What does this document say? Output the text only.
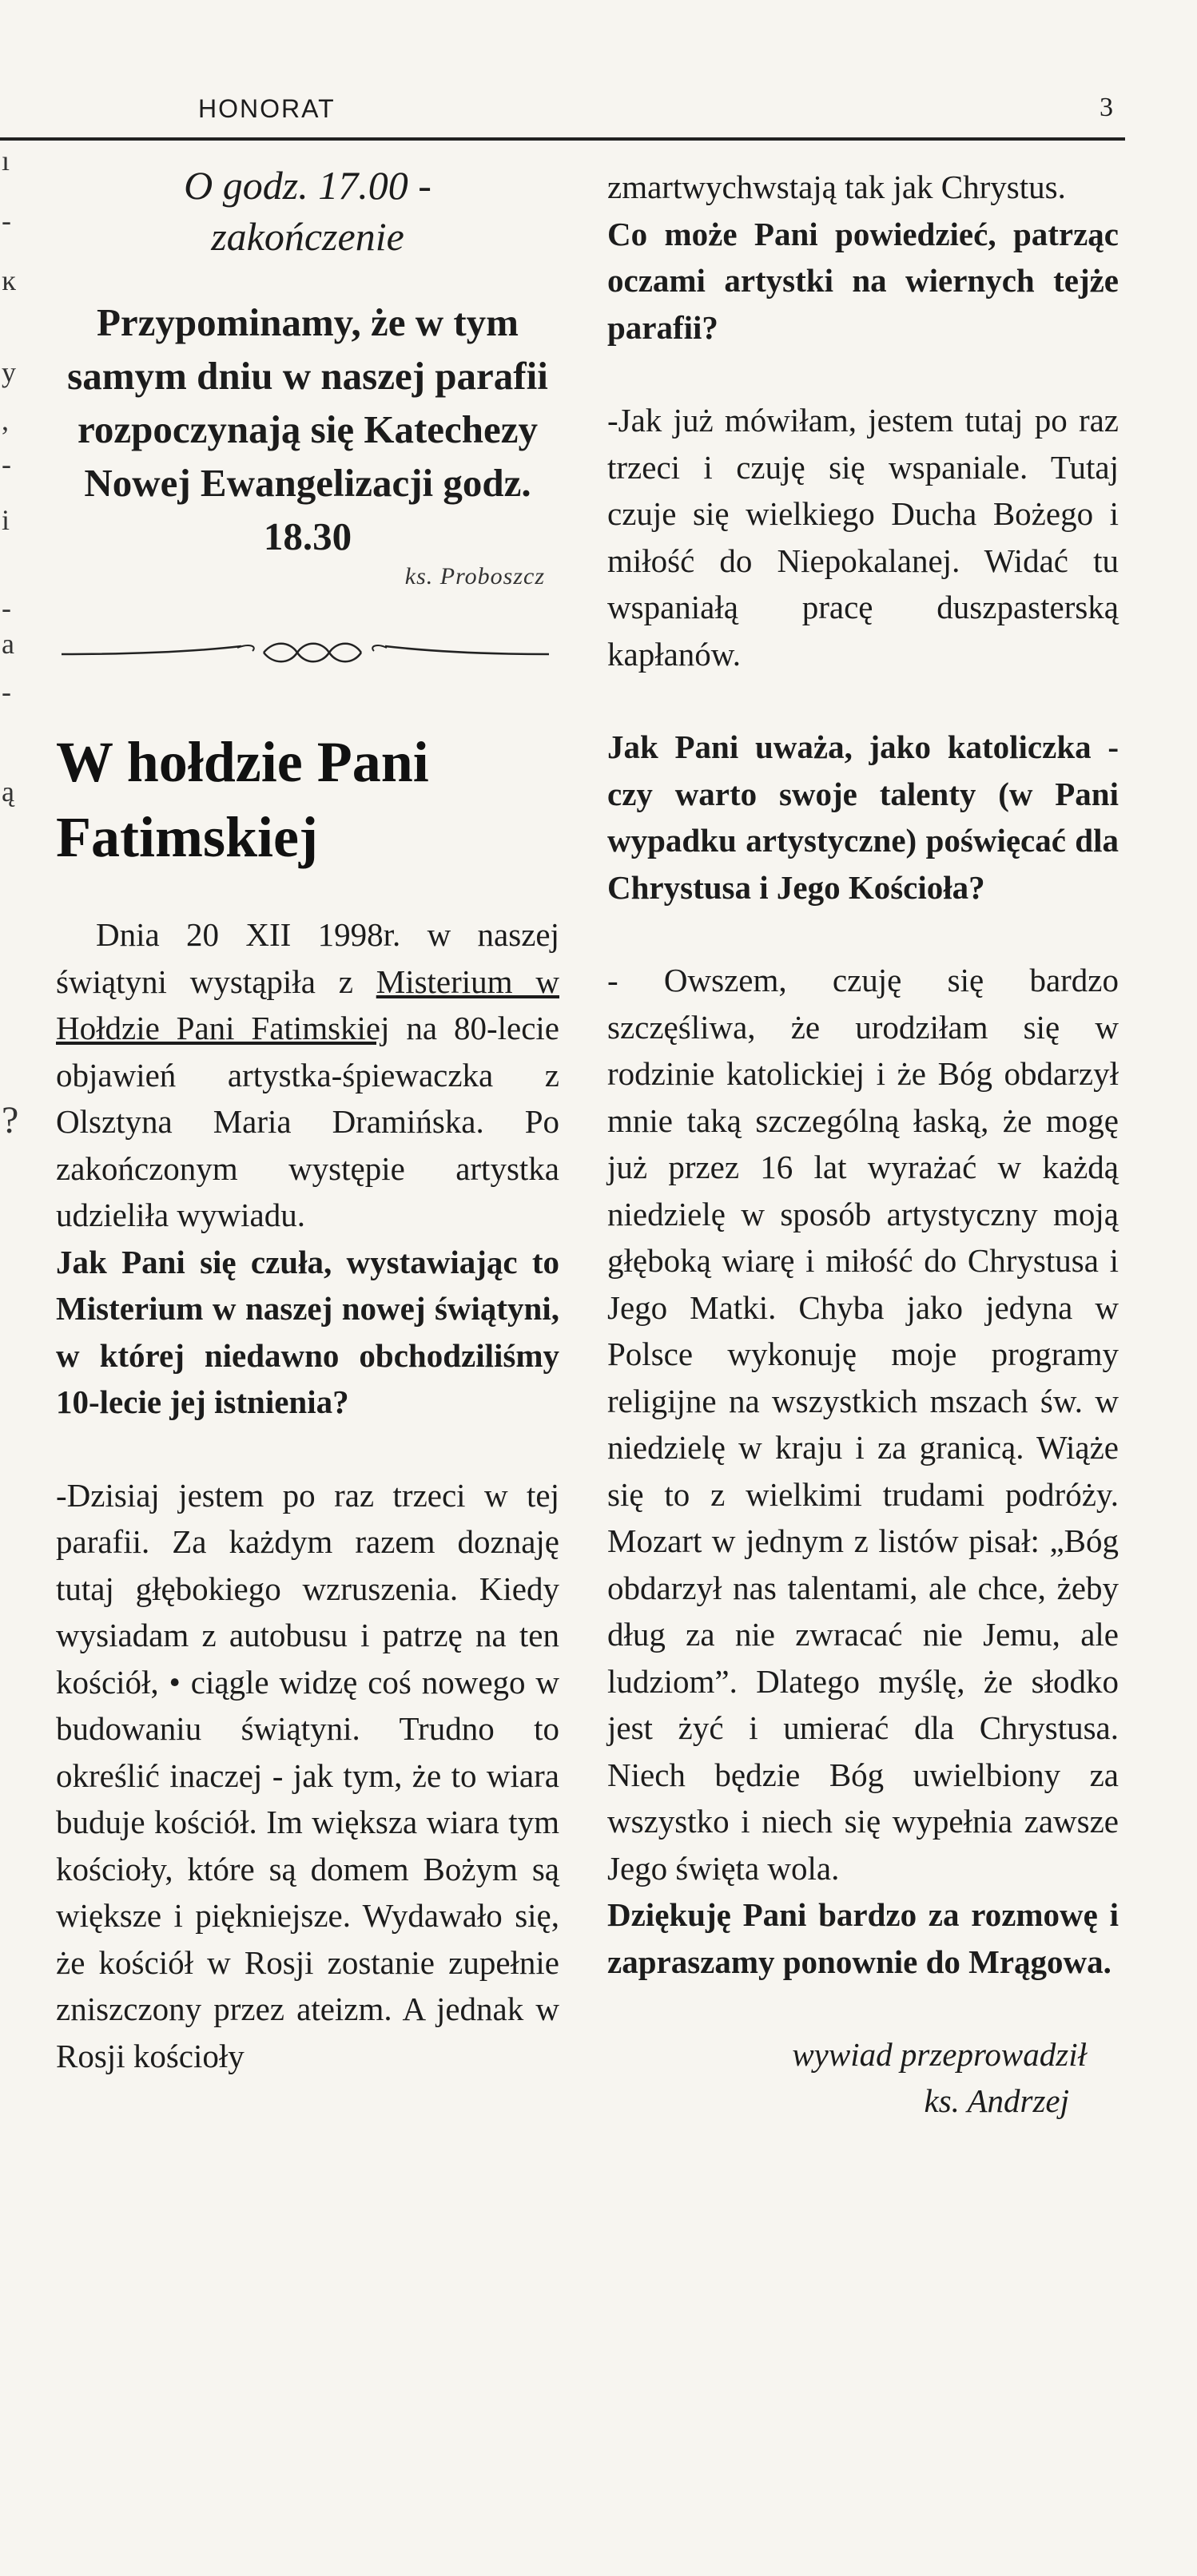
ı
-
ĸ
y
,
-
i
-
a
-
ą
?
HONORAT	3

O godz. 17.00 -
zakończenie

Przypominamy, że w tym samym dniu w naszej parafii rozpoczynają się Katechezy Nowej Ewangelizacji godz. 18.30

ks. Proboszcz

W hołdzie Pani Fatimskiej

Dnia 20 XII 1998r. w naszej świątyni wystąpiła z Misterium w Hołdzie Pani Fatimskiej na 80-lecie objawień artystka-śpiewaczka z Olsztyna Maria Dramińska. Po zakończonym występie artystka udzieliła wywiadu.

Jak Pani się czuła, wystawiając to Misterium w naszej nowej świątyni, w której niedawno obchodziliśmy 10-lecie jej istnienia?

-Dzisiaj jestem po raz trzeci w tej parafii. Za każdym razem doznaję tutaj głębokiego wzruszenia. Kiedy wysiadam z autobusu i patrzę na ten kościół, • ciągle widzę coś nowego w budowaniu świątyni. Trudno to określić inaczej - jak tym, że to wiara buduje kościół. Im większa wiara tym kościoły, które są domem Bożym są większe i piękniejsze. Wydawało się, że kościół w Rosji zostanie zupełnie zniszczony przez ateizm. A jednak w Rosji kościoły

zmartwychwstają tak jak Chrystus.

Co może Pani powiedzieć, patrząc oczami artystki na wiernych tejże parafii?

-Jak już mówiłam, jestem tutaj po raz trzeci i czuję się wspaniale. Tutaj czuje się wielkiego Ducha Bożego i miłość do Niepokalanej. Widać tu wspaniałą pracę duszpasterską kapłanów.

Jak Pani uważa, jako katoliczka - czy warto swoje talenty (w Pani wypadku artystyczne) poświęcać dla Chrystusa i Jego Kościoła?

- Owszem, czuję się bardzo szczęśliwa, że urodziłam się w rodzinie katolickiej i że Bóg obdarzył mnie taką szczególną łaską, że mogę już przez 16 lat wyrażać w każdą niedzielę w sposób artystyczny moją głęboką wiarę i miłość do Chrystusa i Jego Matki. Chyba jako jedyna w Polsce wykonuję moje programy religijne na wszystkich mszach św. w niedzielę w kraju i za granicą. Wiąże się to z wielkimi trudami podróży. Mozart w jednym z listów pisał: „Bóg obdarzył nas talentami, ale chce, żeby dług za nie zwracać nie Jemu, ale ludziom”. Dlatego myślę, że słodko jest żyć i umierać dla Chrystusa. Niech będzie Bóg uwielbiony za wszystko i niech się wypełnia zawsze Jego święta wola.

Dziękuję Pani bardzo za rozmowę i zapraszamy ponownie do Mrągowa.

wywiad przeprowadził
ks. Andrzej
